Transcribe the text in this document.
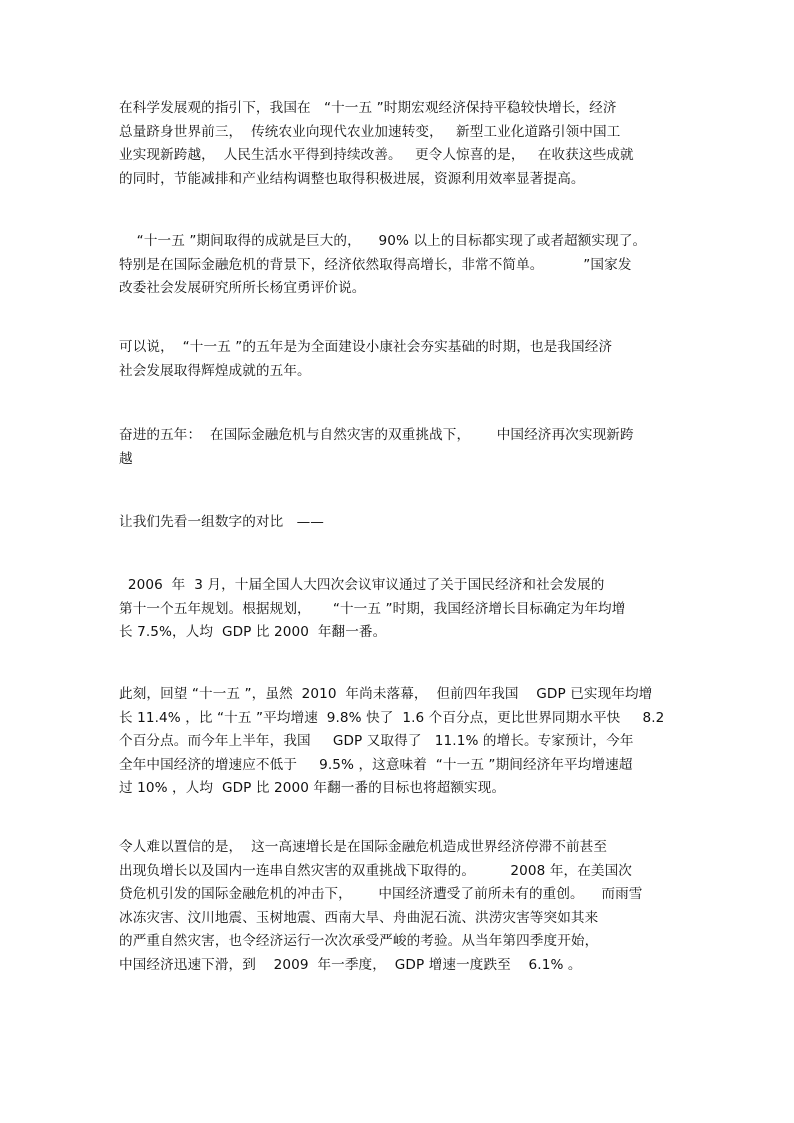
在科学发展观的指引下，我国在   “十一五 ”时期宏观经济保持平稳较快增长，经济
总量跻身世界前三，  传统农业向现代农业加速转变，   新型工业化道路引领中国工
业实现新跨越，  人民生活水平得到持续改善。   更令人惊喜的是，   在收获这些成就
的同时，节能减排和产业结构调整也取得积极进展，资源利用效率显著提高。
“十一五 ”期间取得的成就是巨大的，    90% 以上的目标都实现了或者超额实现了。
特别是在国际金融危机的背景下，经济依然取得高增长，非常不简单。         ”国家发
改委社会发展研究所所长杨宜勇评价说。
可以说，  “十一五 ”的五年是为全面建设小康社会夯实基础的时期，也是我国经济
社会发展取得辉煌成就的五年。
奋进的五年：  在国际金融危机与自然灾害的双重挑战下，      中国经济再次实现新跨
越
让我们先看一组数字的对比   ——
2006  年  3 月，十届全国人大四次会议审议通过了关于国民经济和社会发展的
第十一个五年规划。根据规划，     “十一五 ”时期，我国经济增长目标确定为年均增
长 7.5%，人均  GDP 比 2000  年翻一番。
此刻，回望 “十一五 ”，虽然  2010  年尚未落幕，  但前四年我国    GDP 已实现年均增
长 11.4% ，比 “十五 ”平均增速  9.8% 快了  1.6 个百分点，更比世界同期水平快     8.2
个百分点。而今年上半年，我国     GDP 又取得了   11.1% 的增长。专家预计，今年
全年中国经济的增速应不低于     9.5% ，这意味着  “十一五 ”期间经济年平均增速超
过 10% ，人均  GDP 比 2000 年翻一番的目标也将超额实现。
令人难以置信的是，  这一高速增长是在国际金融危机造成世界经济停滞不前甚至
出现负增长以及国内一连串自然灾害的双重挑战下取得的。        2008 年，在美国次
贷危机引发的国际金融危机的冲击下，      中国经济遭受了前所未有的重创。    而雨雪
冰冻灾害、汶川地震、玉树地震、西南大旱、舟曲泥石流、洪涝灾害等突如其来
的严重自然灾害，也令经济运行一次次承受严峻的考验。从当年第四季度开始，
中国经济迅速下滑，到    2009  年一季度，  GDP 增速一度跌至    6.1% 。
